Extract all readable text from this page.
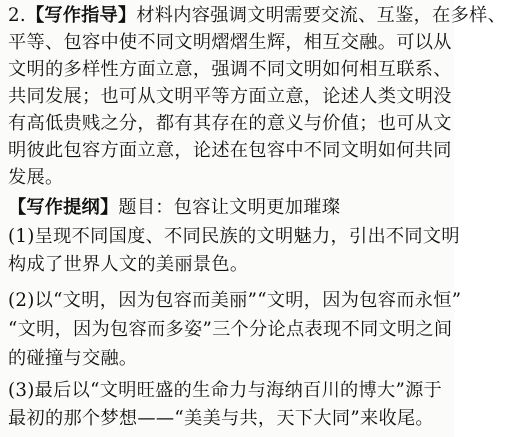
2.【写作指导】材料内容强调文明需要交流、互鉴，在多样、
平等、包容中使不同文明熠熠生辉，相互交融。可以从
文明的多样性方面立意，强调不同文明如何相互联系、
共同发展；也可从文明平等方面立意，论述人类文明没
有高低贵贱之分，都有其存在的意义与价值；也可从文
明彼此包容方面立意，论述在包容中不同文明如何共同
发展。
【写作提纲】题目：包容让文明更加璀璨
(1)呈现不同国度、不同民族的文明魅力，引出不同文明
构成了世界人文的美丽景色。
(2)以“文明，因为包容而美丽”“文明，因为包容而永恒”
“文明，因为包容而多姿”三个分论点表现不同文明之间
的碰撞与交融。
(3)最后以“文明旺盛的生命力与海纳百川的博大”源于
最初的那个梦想——“美美与共，天下大同”来收尾。
